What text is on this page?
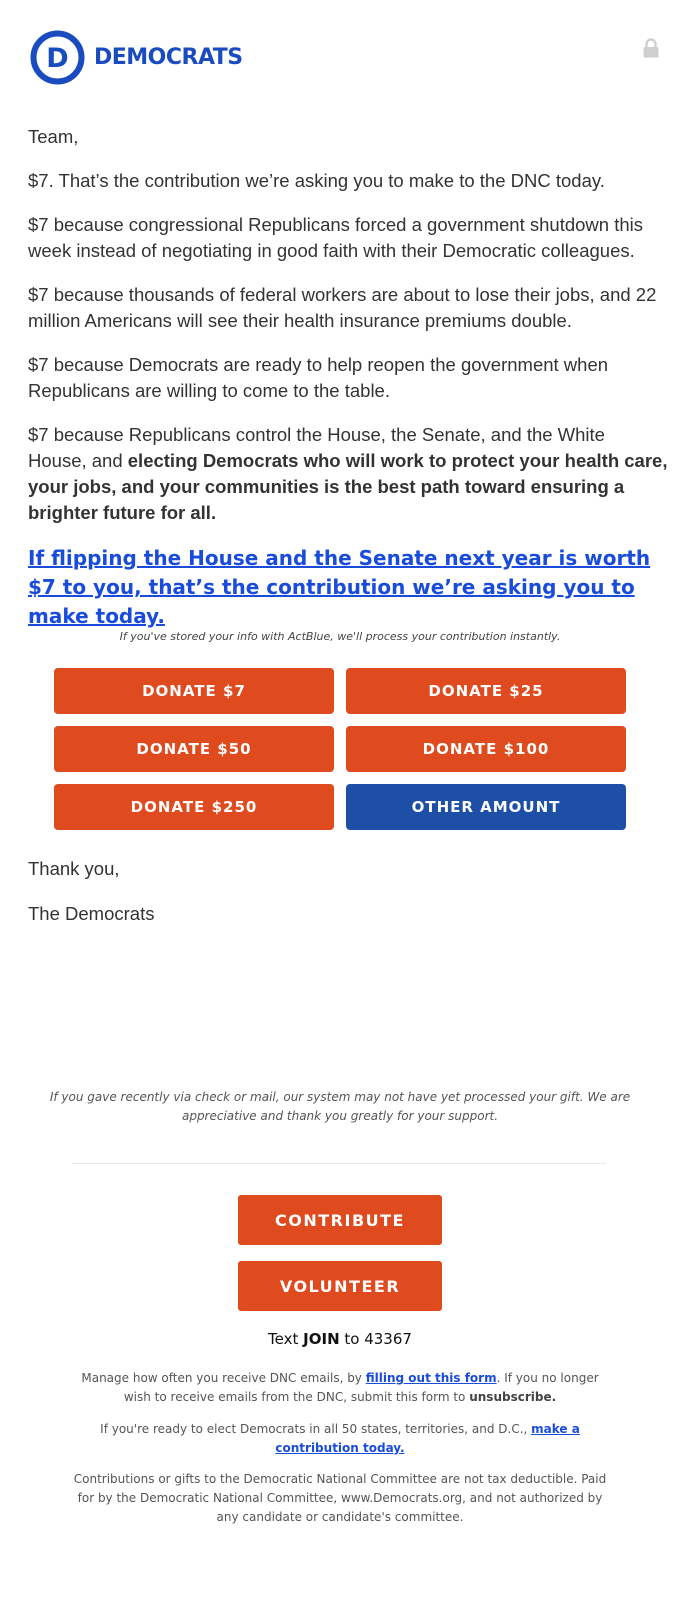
D DEMOCRATS

Team,

$7. That’s the contribution we’re asking you to make to the DNC today.

$7 because congressional Republicans forced a government shutdown this week instead of negotiating in good faith with their Democratic colleagues.

$7 because thousands of federal workers are about to lose their jobs, and 22 million Americans will see their health insurance premiums double.

$7 because Democrats are ready to help reopen the government when Republicans are willing to come to the table.

$7 because Republicans control the House, the Senate, and the White House, and electing Democrats who will work to protect your health care, your jobs, and your communities is the best path toward ensuring a brighter future for all.

If flipping the House and the Senate next year is worth $7 to you, that’s the contribution we’re asking you to make today.
If you've stored your info with ActBlue, we'll process your contribution instantly.
DONATE $7	DONATE $25
DONATE $50	DONATE $100
DONATE $250	OTHER AMOUNT

Thank you,

The Democrats

If you gave recently via check or mail, our system may not have yet processed your gift. We are appreciative and thank you greatly for your support.
CONTRIBUTE
VOLUNTEER
Text JOIN to 43367
Manage how often you receive DNC emails, by filling out this form. If you no longer wish to receive emails from the DNC, submit this form to unsubscribe.
If you're ready to elect Democrats in all 50 states, territories, and D.C., make a contribution today.
Contributions or gifts to the Democratic National Committee are not tax deductible. Paid for by the Democratic National Committee, www.Democrats.org, and not authorized by any candidate or candidate's committee.
